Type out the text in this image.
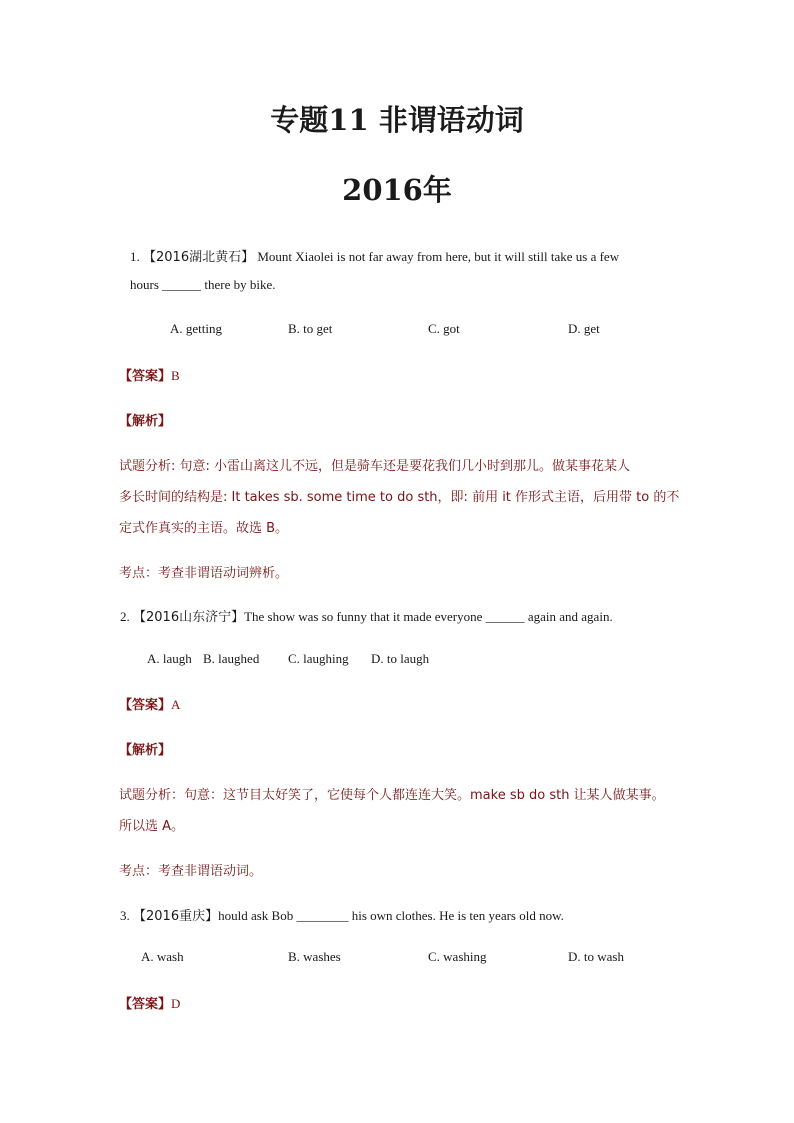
专题11 非谓语动词
2016年
1. 【2016湖北黄石】 Mount Xiaolei is not far away from here, but it will still take us a few
hours ______ there by bike.
A. getting	B. to get	C. got	D. get
【答案】B
【解析】
试题分析: 句意: 小雷山离这儿不远，但是骑车还是要花我们几小时到那儿。做某事花某人
多长时间的结构是: It takes sb. some time to do sth，即: 前用 it 作形式主语，后用带 to 的不
定式作真实的主语。故选 B。
考点：考查非谓语动词辨析。
2. 【2016山东济宁】The show was so funny that it made everyone ______ again and again.
A. laugh B. laughed C. laughing D. to laugh
【答案】A
【解析】
试题分析：句意：这节目太好笑了，它使每个人都连连大笑。make sb do sth 让某人做某事。
所以选 A。
考点：考查非谓语动词。
3. 【2016重庆】hould ask Bob ________ his own clothes. He is ten years old now.
A. wash	B. washes	C. washing	D. to wash
【答案】D
